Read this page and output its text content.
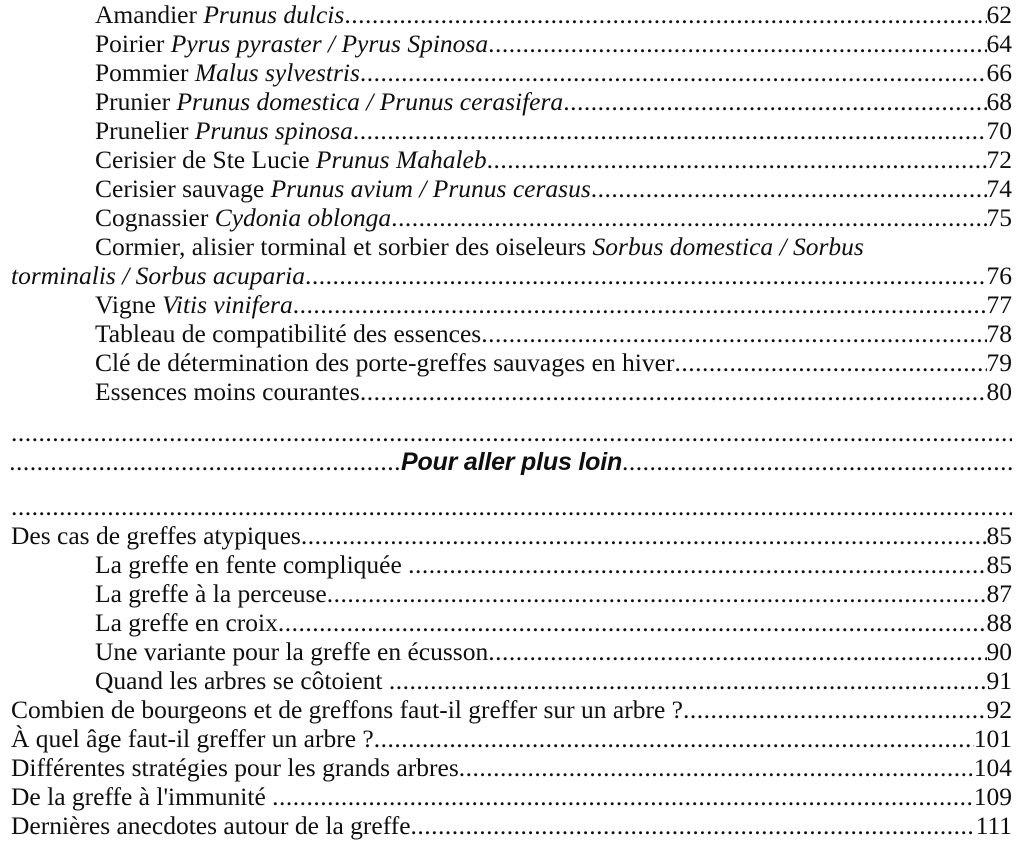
Amandier Prunus dulcis .....	62
Poirier Pyrus pyraster / Pyrus Spinosa .....	64
Pommier Malus sylvestris .....	66
Prunier Prunus domestica / Prunus cerasifera .....	68
Prunelier Prunus spinosa .....	70
Cerisier de Ste Lucie Prunus Mahaleb .....	72
Cerisier sauvage Prunus avium / Prunus cerasus .....	74
Cognassier Cydonia oblonga .....	75
Cormier, alisier torminal et sorbier des oiseleurs Sorbus domestica / Sorbus
torminalis / Sorbus acuparia .....	76
Vigne Vitis vinifera .....	77
Tableau de compatibilité des essences .....	78
Clé de détermination des porte-greffes sauvages en hiver .....	79
Essences moins courantes .....	80
.....
.....
Pour aller plus loin
.....
.....
Des cas de greffes atypiques .....	85
La greffe en fente compliquée .....	85
La greffe à la perceuse .....	87
La greffe en croix .....	88
Une variante pour la greffe en écusson .....	90
Quand les arbres se côtoient .....	91
Combien de bourgeons et de greffons faut-il greffer sur un arbre ? .....	92
À quel âge faut-il greffer un arbre ? .....	101
Différentes stratégies pour les grands arbres .....	104
De la greffe à l'immunité .....	109
Dernières anecdotes autour de la greffe .....	111
